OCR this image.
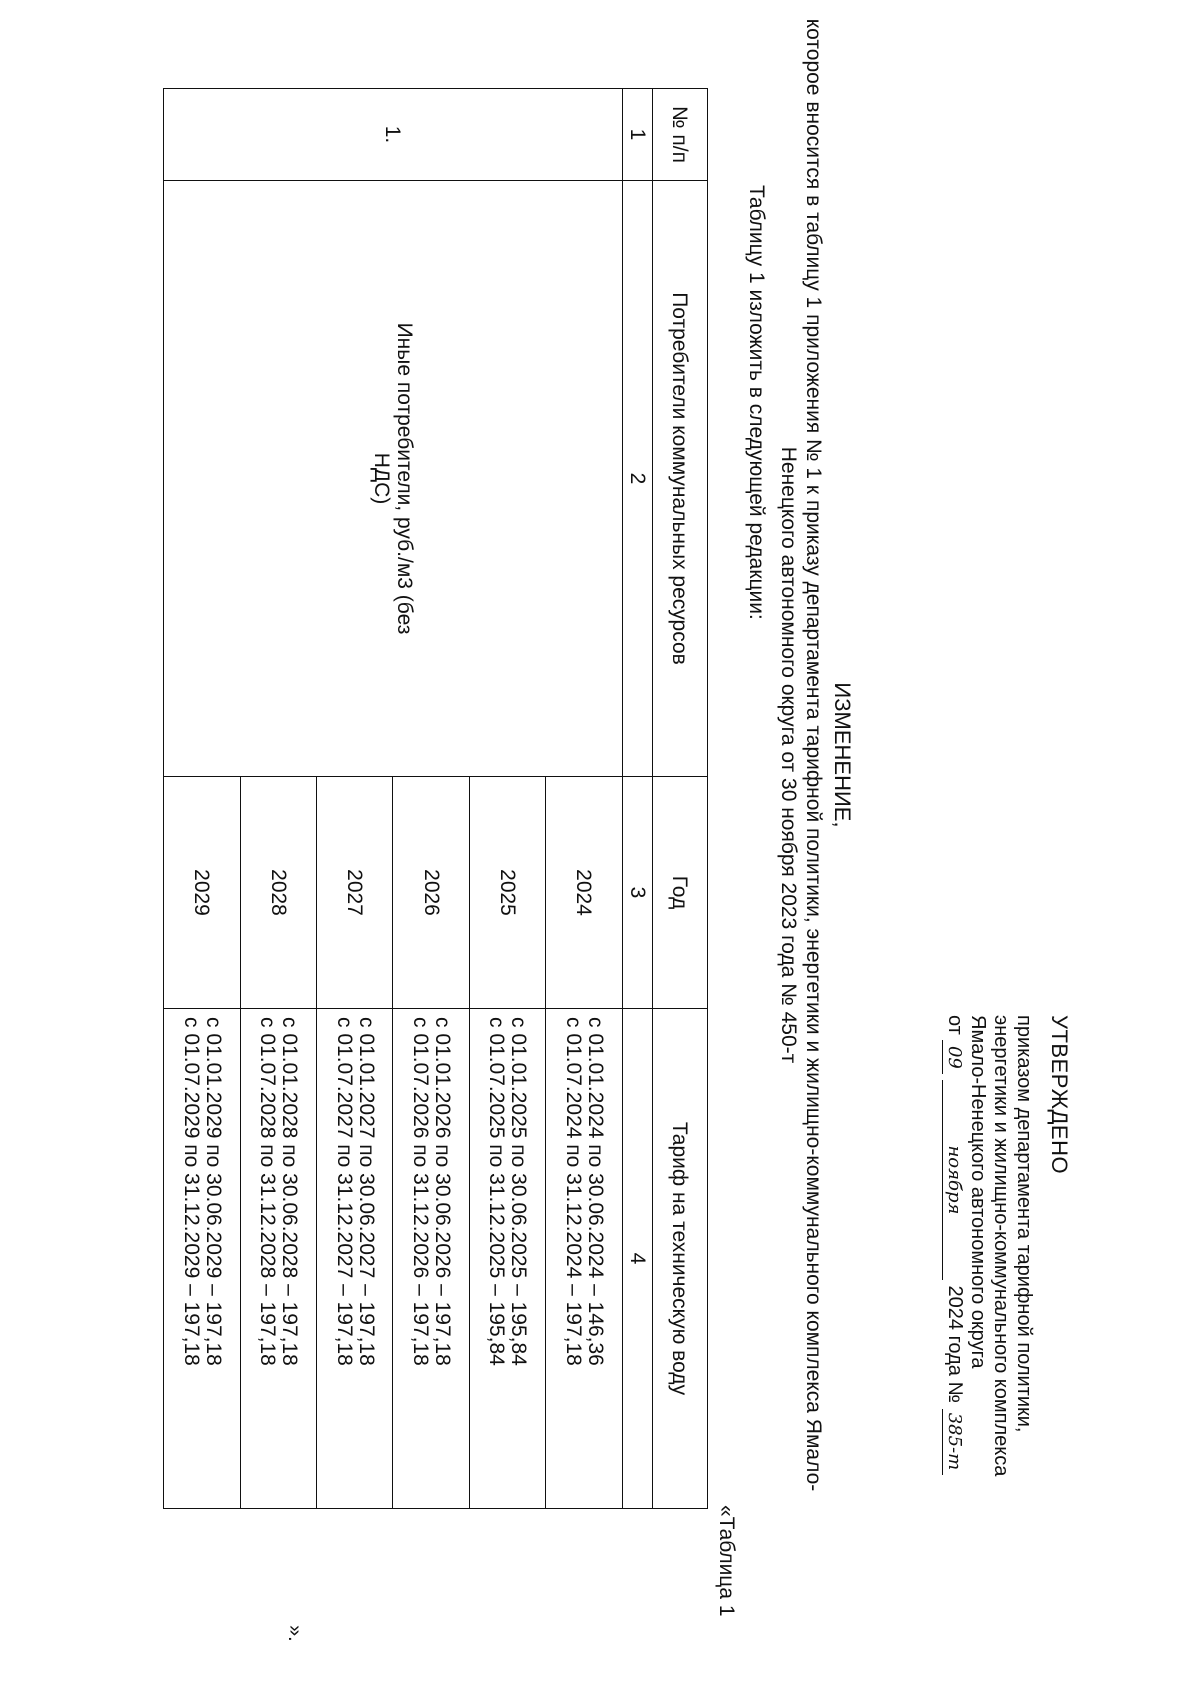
УТВЕРЖДЕНО
приказом департамента тарифной политики,
энергетики и жилищно-коммунального комплекса
Ямало-Ненецкого автономного округа
от 09 ноября 2024 года № 385-т
ИЗМЕНЕНИЕ,
которое вносится в таблицу 1 приложения № 1 к приказу департамента тарифной политики, энергетики и жилищно-коммунального комплекса Ямало-Ненецкого автономного округа от 30 ноября 2023 года № 450-т
Таблицу 1 изложить в следующей редакции:
«Таблица 1
№ п/п	Потребители коммунальных ресурсов	Год	Тариф на техническую воду
1	2	3	4
1.	Иные потребители, руб./м3 (без НДС)	2024	с 01.01.2024 по 30.06.2024 – 146,36
с 01.07.2024 по 31.12.2024 – 197,18

		2025	с 01.01.2025 по 30.06.2025 – 195,84
с 01.07.2025 по 31.12.2025 – 195,84

		2026	с 01.01.2026 по 30.06.2026 – 197,18
с 01.07.2026 по 31.12.2026 – 197,18

		2027	с 01.01.2027 по 30.06.2027 – 197,18
с 01.07.2027 по 31.12.2027 – 197,18

		2028	с 01.01.2028 по 30.06.2028 – 197,18
с 01.07.2028 по 31.12.2028 – 197,18

		2029	с 01.01.2029 по 30.06.2029 – 197,18
с 01.07.2029 по 31.12.2029 – 197,18
».
